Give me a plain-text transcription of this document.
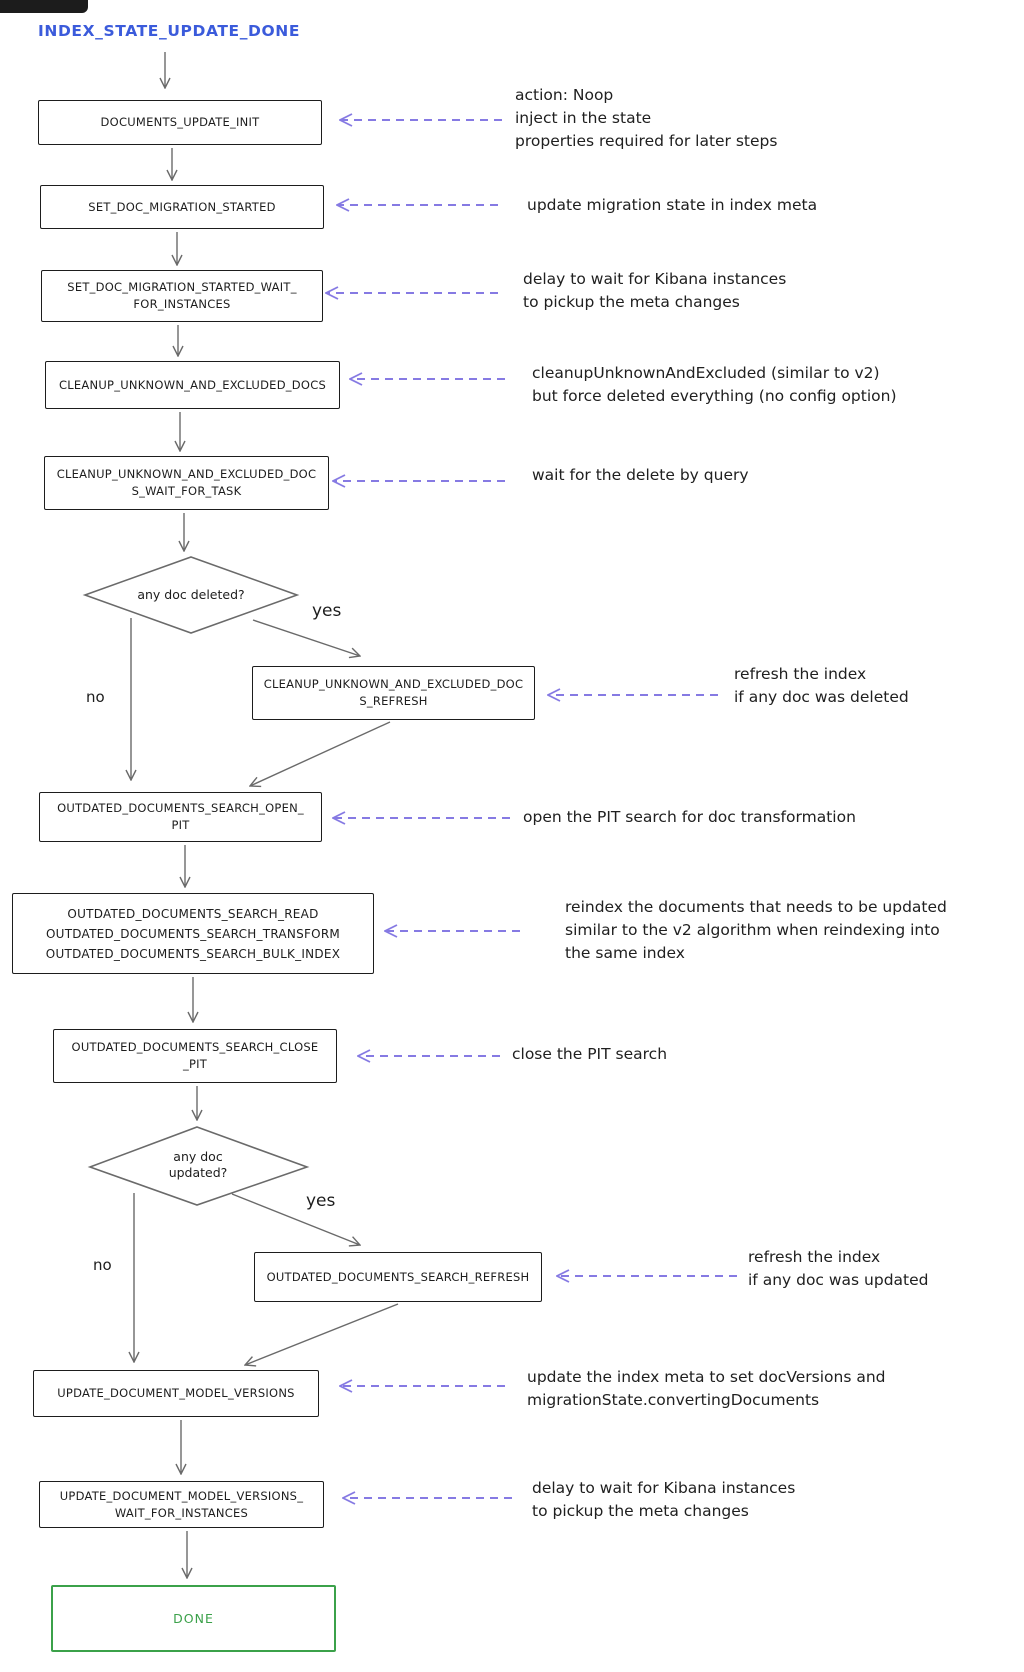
INDEX_STATE_UPDATE_DONE
DOCUMENTS_UPDATE_INIT
SET_DOC_MIGRATION_STARTED
SET_DOC_MIGRATION_STARTED_WAIT_
FOR_INSTANCES
CLEANUP_UNKNOWN_AND_EXCLUDED_DOCS
CLEANUP_UNKNOWN_AND_EXCLUDED_DOC
S_WAIT_FOR_TASK
CLEANUP_UNKNOWN_AND_EXCLUDED_DOC
S_REFRESH
OUTDATED_DOCUMENTS_SEARCH_OPEN_
PIT
OUTDATED_DOCUMENTS_SEARCH_READ
OUTDATED_DOCUMENTS_SEARCH_TRANSFORM
OUTDATED_DOCUMENTS_SEARCH_BULK_INDEX
OUTDATED_DOCUMENTS_SEARCH_CLOSE
_PIT
OUTDATED_DOCUMENTS_SEARCH_REFRESH
UPDATE_DOCUMENT_MODEL_VERSIONS
UPDATE_DOCUMENT_MODEL_VERSIONS_
WAIT_FOR_INSTANCES
DONE
any doc deleted?
any doc
updated?
yes
no
yes
no
action: Noop
inject in the state
properties required for later steps
update migration state in index meta
delay to wait for Kibana instances
to pickup the meta changes
cleanupUnknownAndExcluded (similar to v2)
but force deleted everything (no config option)
wait for the delete by query
refresh the index
if any doc was deleted
open the PIT search for doc transformation
reindex the documents that needs to be updated
similar to the v2 algorithm when reindexing into
the same index
close the PIT search
refresh the index
if any doc was updated
update the index meta to set docVersions and
migrationState.convertingDocuments
delay to wait for Kibana instances
to pickup the meta changes
